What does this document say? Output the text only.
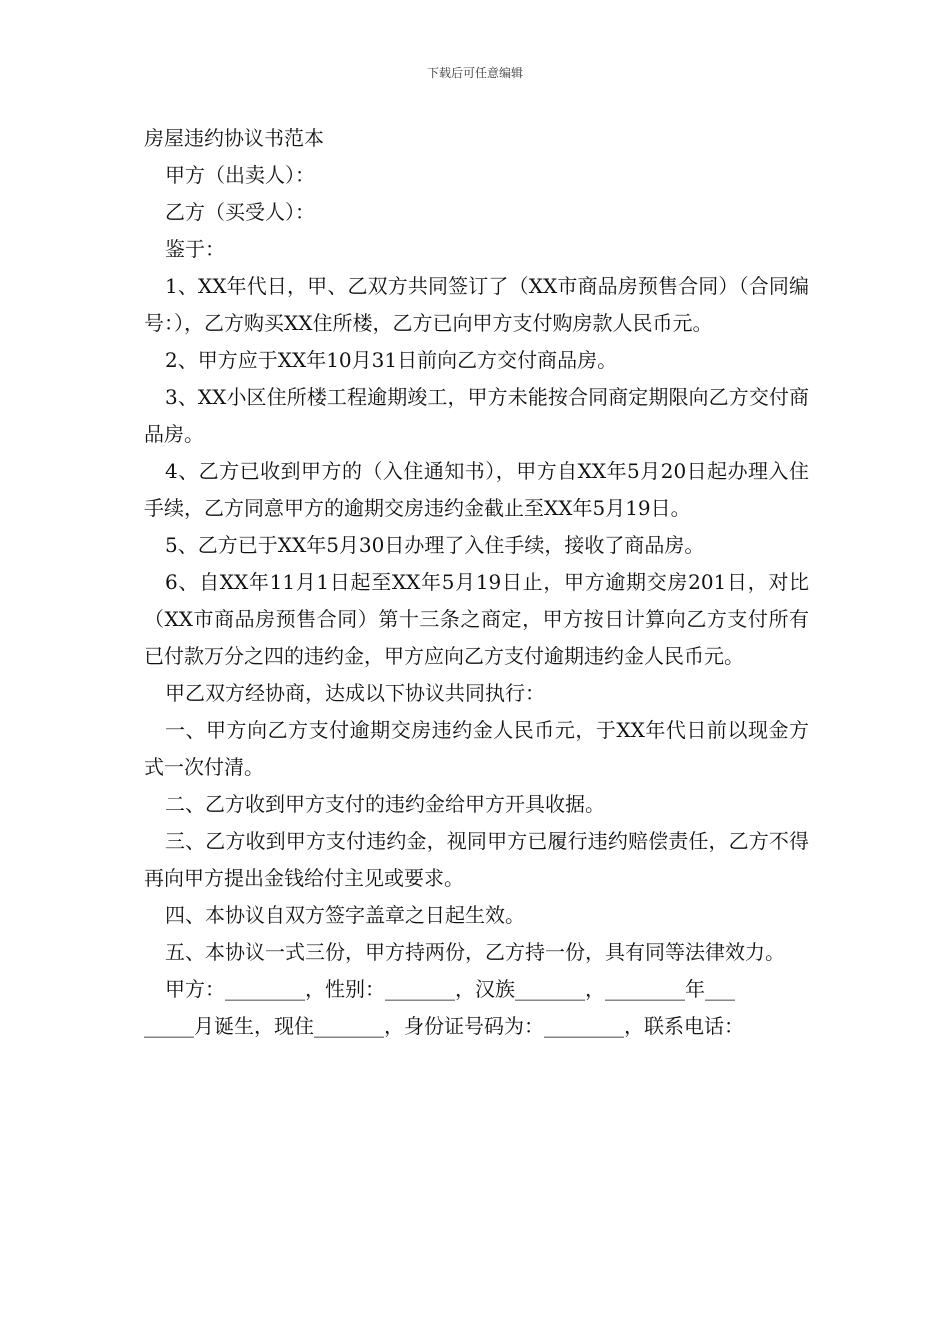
下载后可任意编辑
房屋违约协议书范本

甲方（出卖人）：

乙方（买受人）：

鉴于：

1、XX年代日，甲、乙双方共同签订了（XX市商品房预售合同）（合同编号：），乙方购买XX住所楼，乙方已向甲方支付购房款人民币元。

2、甲方应于XX年10月31日前向乙方交付商品房。

3、XX小区住所楼工程逾期竣工，甲方未能按合同商定期限向乙方交付商品房。

4、乙方已收到甲方的（入住通知书），甲方自XX年5月20日起办理入住手续，乙方同意甲方的逾期交房违约金截止至XX年5月19日。

5、乙方已于XX年5月30日办理了入住手续，接收了商品房。

6、自XX年11月1日起至XX年5月19日止，甲方逾期交房201日，对比（XX市商品房预售合同）第十三条之商定，甲方按日计算向乙方支付所有已付款万分之四的违约金，甲方应向乙方支付逾期违约金人民币元。

甲乙双方经协商，达成以下协议共同执行：

一、甲方向乙方支付逾期交房违约金人民币元，于XX年代日前以现金方式一次付清。

二、乙方收到甲方支付的违约金给甲方开具收据。

三、乙方收到甲方支付违约金，视同甲方已履行违约赔偿责任，乙方不得再向甲方提出金钱给付主见或要求。

四、本协议自双方签字盖章之日起生效。

五、本协议一式三份，甲方持两份，乙方持一份，具有同等法律效力。

甲方：________，性别：_______，汉族_______，________年___

_____月诞生，现住_______，身份证号码为：________，联系电话：
